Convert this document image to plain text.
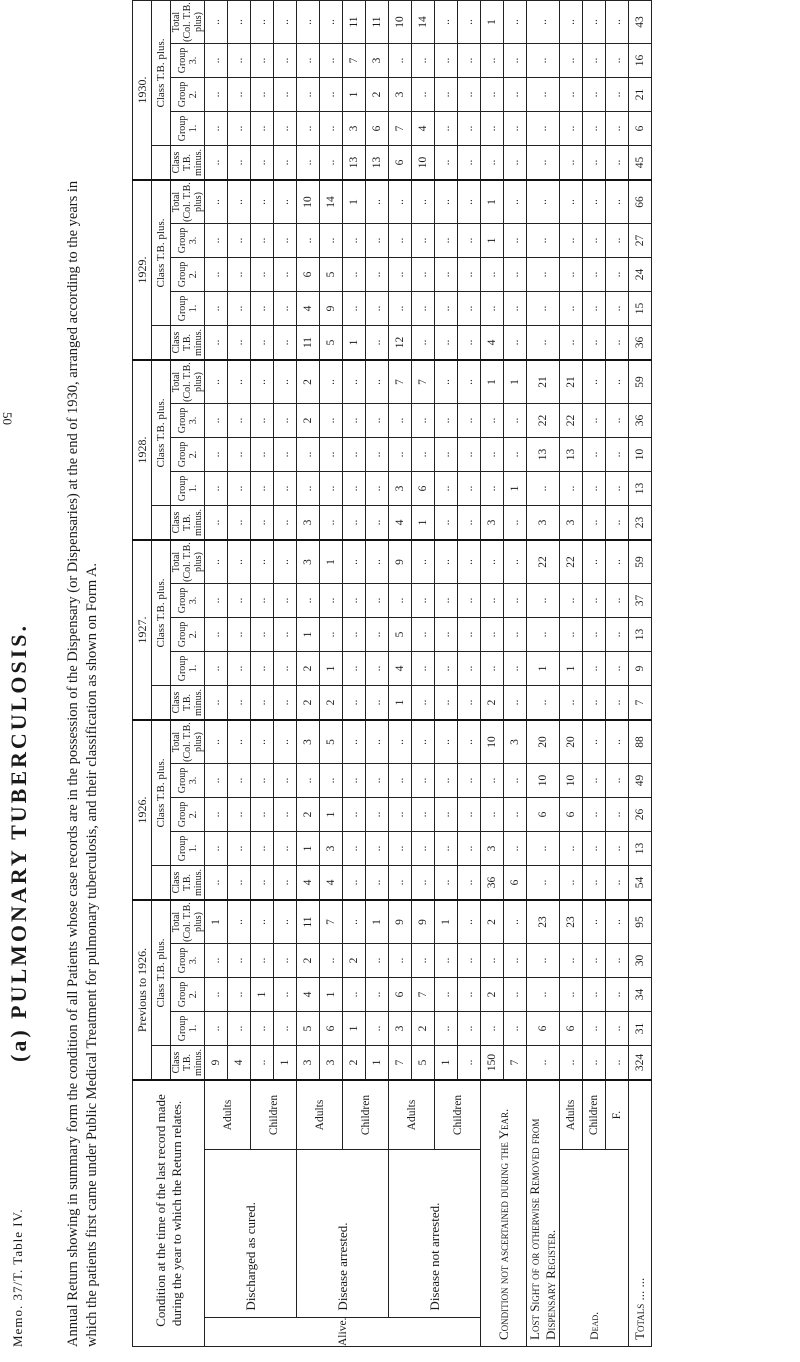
Memo. 37/T. Table IV.
(a) PULMONARY TUBERCULOSIS. Annual Return showing in summary form the condition of all Patients whose case records are in the possession of the Dispensary (or Dispensaries) at the end of 1930, arranged according to the years in which the patients first came under Public Medical Treatment for pulmonary tuberculosis, and their classification as shown on Form A.	Condition at the time of the last record made during the year to which the Return relates.			Previous to 1926.					1926.					1927.					1928.					1929.					1930.				
				Class T.B. plus.					Class T.B. plus.					Class T.B. plus.					Class T.B. plus.					Class T.B. plus.					Class T.B. plus.			
			Class T.B. minus.	Group 1.	Group 2.	Group 3.	Total (Col. T.B. plus)	Class T.B. minus.	Group 1.	Group 2.	Group 3.	Total (Col. T.B. plus)	Class T.B. minus.	Group 1.	Group 2.	Group 3.	Total (Col. T.B. plus)	Class T.B. minus.	Group 1.	Group 2.	Group 3.	Total (Col. T.B. plus)	Class T.B. minus.	Group 1.	Group 2.	Group 3.	Total (Col. T.B. plus)	Class T.B. minus.	Group 1.	Group 2.	Group 3.	Total (Col. T.B. plus)
Alive.	Discharged as cured.	Adults	9	..	..	..	1	..	..	..	..	..	..	..	..	..	..	..	..	..	..	..	..	..	..	..	..	..	..	..	..	..
			4	..	..	..	..	..	..	..	..	..	..	..	..	..	..	..	..	..	..	..	..	..	..	..	..	..	..	..	..	..
		Children	..	..	1	..	..	..	..	..	..	..	..	..	..	..	..	..	..	..	..	..	..	..	..	..	..	..	..	..	..	..
			1	..	..	..	..	..	..	..	..	..	..	..	..	..	..	..	..	..	..	..	..	..	..	..	..	..	..	..	..	..
	Disease arrested.	Adults	3	5	4	2	11	4	1	2	..	3	2	2	1	..	3	3	..	..	2	2	11	4	6	..	10	..	..	..	..	..
			3	6	1	..	7	4	3	1	..	5	2	1	..	..	1	..	..	..	..	..	5	9	5	..	14	..	..	..	..	..
		Children	2	1	..	2	..	..	..	..	..	..	..	..	..	..	..	..	..	..	..	..	1	..	..	..	1	13	3	1	7	11
			1	..	..	..	1	..	..	..	..	..	..	..	..	..	..	..	..	..	..	..	..	..	..	..	..	13	6	2	3	11
	Disease not arrested.	Adults	7	3	6	..	9	..	..	..	..	..	1	4	5	..	9	4	3	..	..	7	12	..	..	..	..	6	7	3	..	10
			5	2	7	..	9	..	..	..	..	..	..	..	..	..	..	1	6	..	..	7	..	..	..	..	..	10	4	..	..	14
		Children	1	..	..	..	1	..	..	..	..	..	..	..	..	..	..	..	..	..	..	..	..	..	..	..	..	..	..	..	..	..
			..	..	..	..	..	..	..	..	..	..	..	..	..	..	..	..	..	..	..	..	..	..	..	..	..	..	..	..	..	..
Condition not ascertained during the Year.			150	..	2	..	2	36	3	..	..	10	2	..	..	..	..	3	..	..	..	1	4	..	..	1	1	..	..	..	..	1
			7	..	..	..	..	6	..	..	..	3	..	..	..	..	..	..	1	..	..	1	..	..	..	..	..	..	..	..	..	..
Lost Sight of or otherwise Removed from Dispensary Register.			..	6	..	..	23	..	..	6	10	20	..	1	..	..	22	3	..	13	22	21	..	..	..	..	..	..	..	..	..	..
Dead.		Adults	..	6	..	..	23	..	..	6	10	20	..	1	..	..	22	3	..	13	22	21	..	..	..	..	..	..	..	..	..	..
		Children	..	..	..	..	..	..	..	..	..	..	..	..	..	..	..	..	..	..	..	..	..	..	..	..	..	..	..	..	..	..
		F.	..	..	..	..	..	..	..	..	..	..	..	..	..	..	..	..	..	..	..	..	..	..	..	..	..	..	..	..	..	..
Totals ... ...			324	31	34	30	95	54	13	26	49	88	7	9	13	37	59	23	13	10	36	59	36	15	24	27	66	45	6	21	16	43
50
